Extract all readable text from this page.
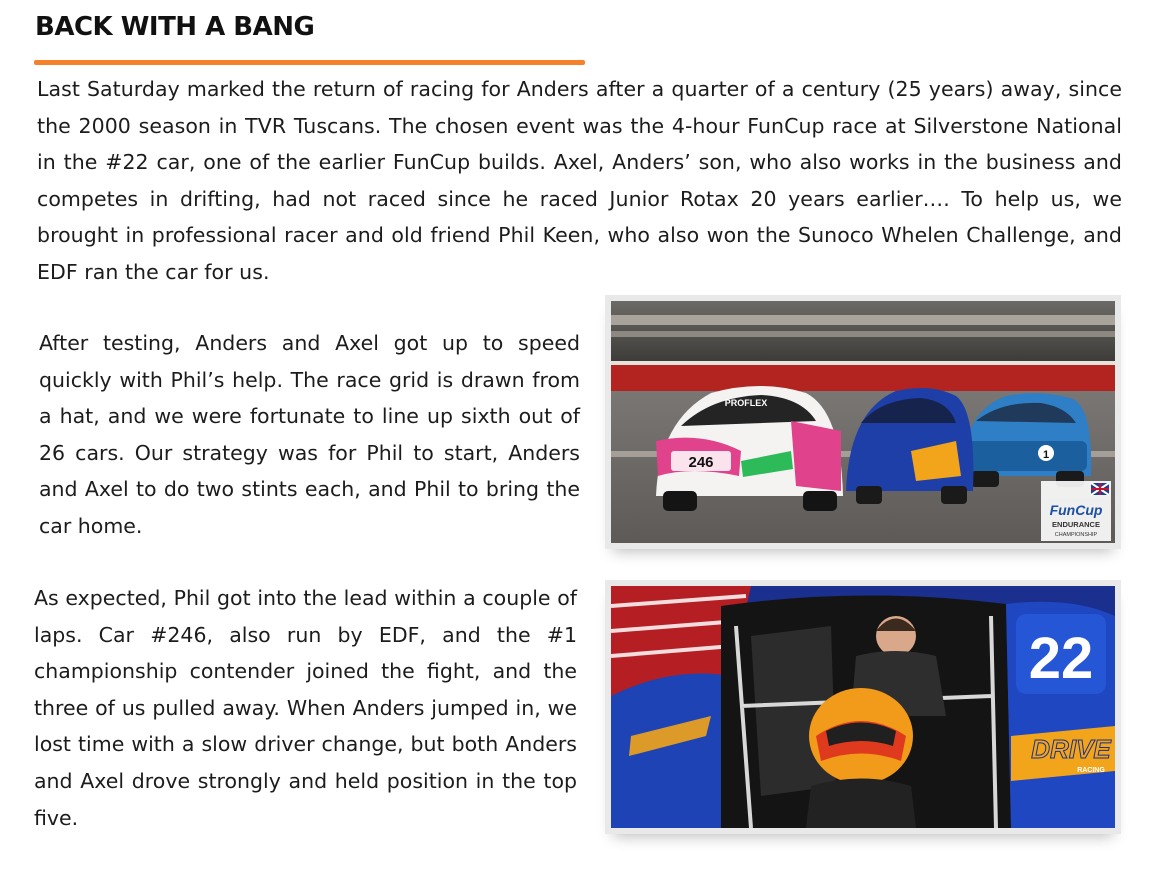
BACK WITH A BANG

Last Saturday marked the return of racing for Anders after a quarter of a century (25 years) away, since the 2000 season in TVR Tuscans. The chosen event was the 4-hour FunCup race at Silverstone National in the #22 car, one of the earlier FunCup builds. Axel, Anders’ son, who also works in the business and competes in drifting, had not raced since he raced Junior Rotax 20 years earlier…. To help us, we brought in professional racer and old friend Phil Keen, who also won the Sunoco Whelen Challenge, and EDF ran the car for us.

After testing, Anders and Axel got up to speed quickly with Phil’s help. The race grid is drawn from a hat, and we were fortunate to line up sixth out of 26 cars. Our strategy was for Phil to start, Anders and Axel to do two stints each, and Phil to bring the car home.

As expected, Phil got into the lead within a couple of laps. Car #246, also run by EDF, and the #1 championship contender joined the fight, and the three of us pulled away. When Anders jumped in, we lost time with a slow driver change, but both Anders and Axel drove strongly and held position in the top five.

1
246
PROFLEX
FunCup
ENDURANCE
CHAMPIONSHIP
22
DRIVE
RACING
